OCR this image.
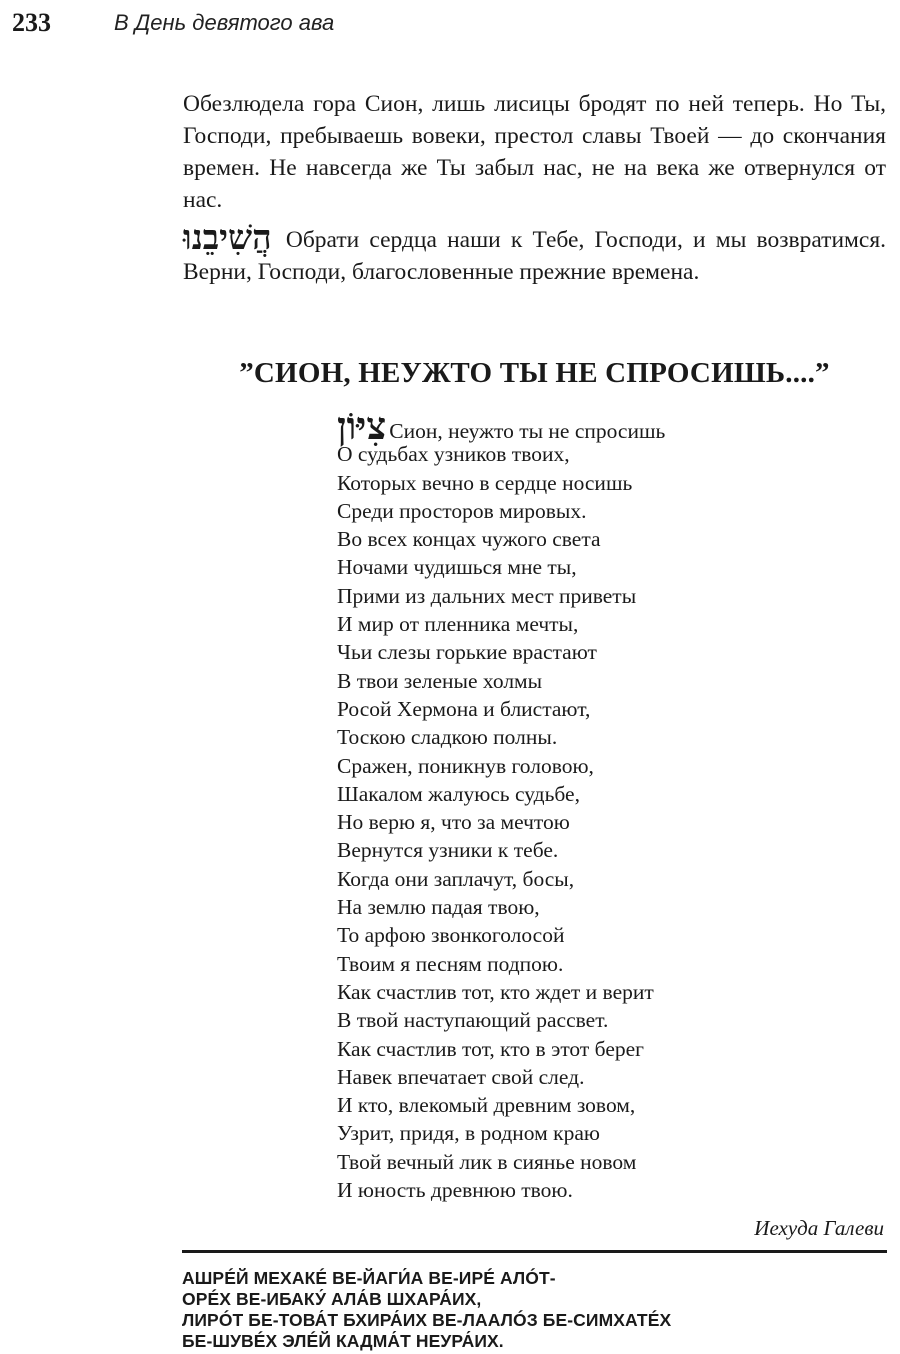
233	В День девятого ава
Обезлюдела гора Сион, лишь лисицы бродят по ней теперь. Но Ты, Господи, пребываешь вовеки, престол славы Твоей — до скончания времен. Не навсегда же Ты забыл нас, не на века же отвернулся от нас.
הֲשִׁיבֵנוּ Обрати сердца наши к Тебе, Господи, и мы возвратимся. Верни, Господи, благословенные прежние времена.
”СИОН, НЕУЖТО ТЫ НЕ СПРОСИШЬ....”
צִיּוֹן Сион, неужто ты не спросишь
О судьбах узников твоих,
Которых вечно в сердце носишь
Среди просторов мировых.
Во всех концах чужого света
Ночами чудишься мне ты,
Прими из дальних мест приветы
И мир от пленника мечты,
Чьи слезы горькие врастают
В твои зеленые холмы
Росой Хермона и блистают,
Тоскою сладкою полны.
Сражен, поникнув головою,
Шакалом жалуюсь судьбе,
Но верю я, что за мечтою
Вернутся узники к тебе.
Когда они заплачут, босы,
На землю падая твою,
То арфою звонкоголосой
Твоим я песням подпою.
Как счастлив тот, кто ждет и верит
В твой наступающий рассвет.
Как счастлив тот, кто в этот берег
Навек впечатает свой след.
И кто, влекомый древним зовом,
Узрит, придя, в родном краю
Твой вечный лик в сиянье новом
И юность древнюю твою.
Иехуда Галеви
АШРÉЙ МЕХАКÉ ВЕ-ЙАГИ́А ВЕ-ИРÉ АЛÓТ-
ОРÉХ ВЕ-ИБАКУ́ АЛА́В ШХАРА́ИХ,
ЛИРÓТ БЕ-ТОВА́Т БХИРА́ИХ ВЕ-ЛААЛÓЗ БЕ-СИМХАТÉХ
БЕ-ШУВÉХ ЭЛÉЙ КАДМА́Т НЕУРА́ИХ.
